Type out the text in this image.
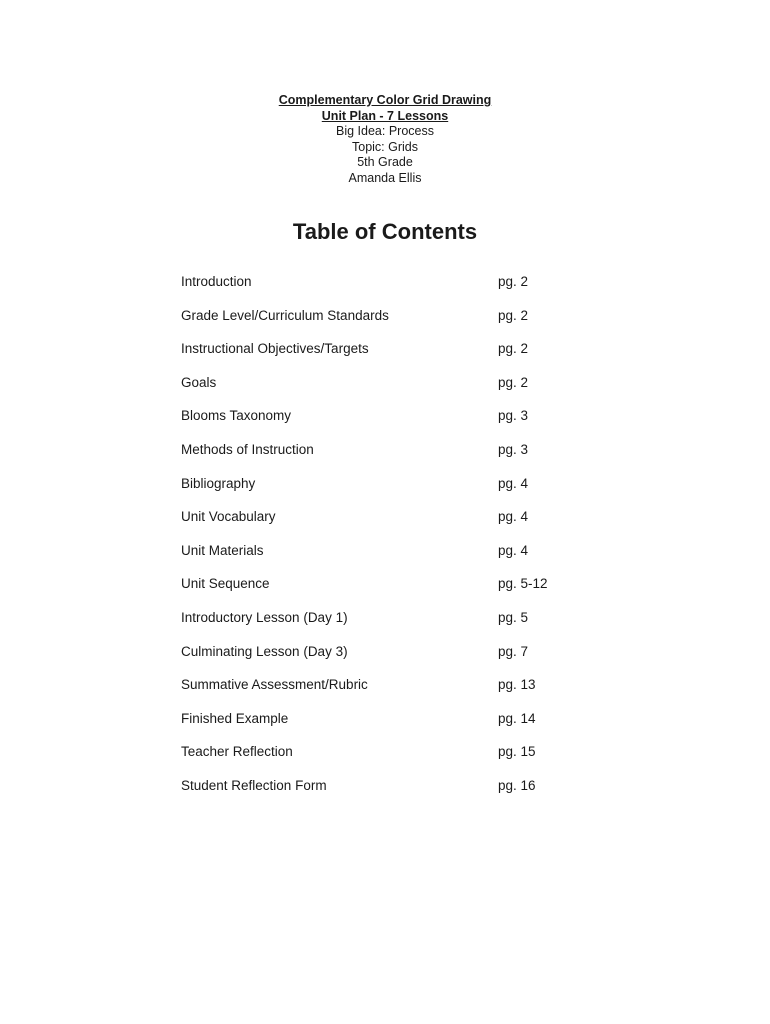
Complementary Color Grid Drawing
Unit Plan - 7 Lessons
Big Idea: Process
Topic: Grids
5th Grade
Amanda Ellis
Table of Contents
Introduction	pg. 2
Grade Level/Curriculum Standards	pg. 2
Instructional Objectives/Targets	pg. 2
Goals	pg. 2
Blooms Taxonomy	pg. 3
Methods of Instruction	pg. 3
Bibliography	pg. 4
Unit Vocabulary	pg. 4
Unit Materials	pg. 4
Unit Sequence	pg. 5-12
Introductory Lesson (Day 1)	pg. 5
Culminating Lesson (Day 3)	pg. 7
Summative Assessment/Rubric	pg. 13
Finished Example	pg. 14
Teacher Reflection	pg. 15
Student Reflection Form	pg. 16
